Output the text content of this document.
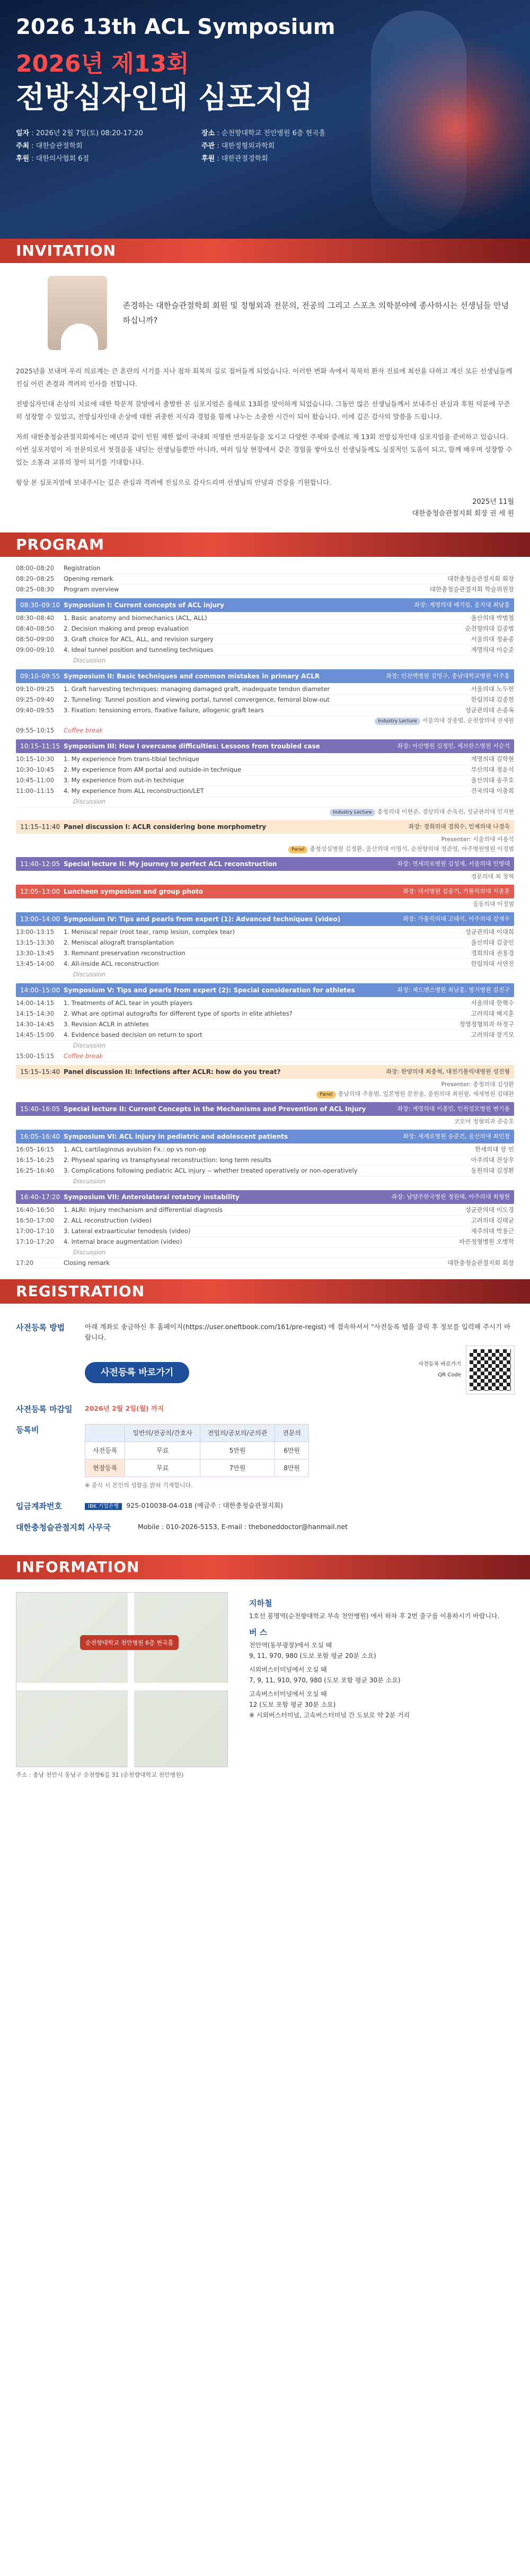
2026 13th ACL Symposium
2026년 제13회
전방십자인대 심포지엄
일자 : 2026년 2월 7일(토) 08:20-17:20	장소 : 순천향대학교 천안병원 6층 현곡홀
주최 : 대한슬관절학회	주관 : 대한정형외과학회
후원 : 대한의사협회 6점	후원 : 대한관절경학회
INVITATION

존경하는 대한슬관절학회 회원 및 정형외과 전문의, 전공의 그리고 스포츠 의학분야에 종사하시는 선생님들 안녕하십니까?

2025년을 보내며 우리 의료계는 큰 혼란의 시기를 지나 점차 회복의 길로 접어들게 되었습니다. 이러한 변화 속에서 묵묵히 환자 진료에 최선을 다하고 계신 모든 선생님들께 진심 어린 존경과 격려의 인사를 전합니다.

전방십자인대 손상의 치료에 대한 학문적 갈망에서 출발한 본 심포지엄은 올해로 13회를 맞이하게 되었습니다. 그동안 많은 선생님들께서 보내주신 관심과 후원 덕분에 꾸준히 성장할 수 있었고, 전방십자인대 손상에 대한 귀중한 지식과 경험을 함께 나누는 소중한 시간이 되어 왔습니다. 이에 깊은 감사의 말씀을 드립니다.

저희 대한충청슬관절지회에서는 예년과 같이 인원 제한 없이 국내외 저명한 연자분들을 모시고 다양한 주제와 증례로 제 13회 전방십자인대 심포지엄을 준비하고 있습니다. 이번 심포지엄이 저 전문의로서 첫걸음을 내딛는 선생님들뿐만 아니라, 여러 임상 현장에서 같은 경험을 쌓아오신 선생님들께도 실질적인 도움이 되고, 함께 배우며 성장할 수 있는 소통과 교류의 장이 되기를 기대합니다.

항상 본 심포지엄에 보내주시는 깊은 관심과 격려에 진심으로 감사드리며 선생님의 안녕과 건강을 기원합니다.

2025년 11월
대한충청슬관절지회 회장 권 세 원
PROGRAM
08:00–08:20	Registration
08:20–08:25	Opening remark	대한충청슬관절지회 회장
08:25–08:30	Program overview	대한충청슬관절지회 학술위원장
08:30–09:10 Symposium I: Current concepts of ACL injury	좌장: 계명의대 배기림, 울지대 최남홍
08:30–08:40	1. Basic anatomy and biomechanics (ACL, ALL)	울산의대 박범철
08:40–08:50	2. Decision making and preop evaluation	순천향의대 김종범
08:50–09:00	3. Graft choice for ACL, ALL, and revision surgery	서울의대 정윤종
09:00–09:10	4. Ideal tunnel position and tunneling techniques	계명의대 이승준
Discussion
09:10–09:55 Symposium II: Basic techniques and common mistakes in primary ACLR	좌장: 인천백병원 김영구, 충남대학교병원 이주홍
09:10–09:25	1. Graft harvesting techniques: managing damaged graft, inadequate tendon diameter	서울의대 노두헌
09:25–09:40	2. Tunneling: Tunnel position and viewing portal, tunnel convergence, femoral blow-out	한림의대 김종헌
09:40–09:55	3. Fixation: tensioning errors, fixative failure, allogenic graft tears	성균관의대 손종옥
Industry Lecture 서울의대 장종범, 순천향의대 권세원
09:55–10:15	Coffee break
10:15–11:15 Symposium III: How I overcame difficulties: Lessons from troubled case	좌장: 아산병원 김정민, 세브란스병원 서승석
10:15–10:30	1. My experience from trans-tibial technique	계명의대 김학현
10:30–10:45	2. My experience from AM portal and outside-in technique	부산의대 정운석
10:45–11:00	3. My experience from out-in technique	울산의대 송주호
11:00–11:15	4. My experience from ALL reconstruction/LET	건국의대 이충희
Discussion
Industry Lecture 충청의대 이현준, 경상의대 손욱진, 성균관의대 인지현
11:15–11:40 Panel discussion I: ACLR considering bone morphometry	좌장: 경희의대 경희수, 인제의대 나경욱
Presenter: 서울의대 이용석
Panel 충청성심병원 김정환, 울산의대 이영석, 순천향의대 정준영, 아주병원병원 이정범
11:40–12:05 Special lecture II: My journey to perfect ACL reconstruction	좌장: 연세의료병원 김성재, 서울의대 인영대
경문의대 최 창혁
12:05–13:00 Luncheon symposium and group photo	좌장: 대서병원 김중기, 가톨릭의대 지종훈
울동의대 이정범
13:00–14:00 Symposium IV: Tips and pearls from expert (1): Advanced techniques (video)	좌장: 가톨릭의대 고태석, 아주의대 강재우
13:00–13:15	1. Meniscal repair (root tear, ramp lesion, complex tear)	성균관의대 이대희
13:15–13:30	2. Meniscal allograft transplantation	울산의대 김중민
13:30–13:45	3. Remnant preservation reconstruction	경희의대 권용경
13:45–14:00	4. All-inside ACL reconstruction	한림의대 서연진
Discussion
14:00–15:00 Symposium V: Tips and pearls from expert (2): Special consideration for athletes	좌장: 제드앤스병원 최남홍, 명지병원 김진구
14:00–14:15	1. Treatments of ACL tear in youth players	서울의대 한혁수
14:15–14:30	2. What are optimal autografts for different type of sports in elite athletes?	고려의대 배지훈
14:30–14:45	3. Revision ACLR in athletes	정영정형외과 하정구
14:45–15:00	4. Evidence based decision on return to sport	고려의대 장기모
Discussion
15:00–15:15	Coffee break
15:15–15:40 Panel discussion II: Infections after ACLR: how do you treat?	좌장: 한양의대 최충혁, 대전기톨릭대병원 성진형
Presenter: 충청의대 김성환
Panel 충남의대 주용범, 일본병원 문찬솔, 울원의대 최원필, 제세병원 김태완
15:40–16:05 Special lecture II: Current Concepts in the Mechanisms and Prevention of ACL Injury	좌장: 계명의대 이종민, 인천성모병원 변기용
코모어 정형외과 준승호
16:05–16:40 Symposium VI: ACL injury in pediatric and adolescent patients	좌장: 세계로병원 송준건, 울산의대 최인철
16:05–16:15	1. ACL cartilaginous avulsion Fx.: op vs non-op	한세의대 장 민
16:15–16:25	2. Physeal sparing vs transphyseal reconstruction: long term results	아주의대 전상우
16:25–16:40	3. Complications following pediatric ACL injury -- whether treated operatively or non-operatively	동원의대 김정환
Discussion
16:40–17:20 Symposium VII: Anterolateral rotatory instability	좌장: 남양주한국병원 정원혜, 아주의대 최형현
16:40–16:50	1. ALRI: Injury mechanism and differential diagnosis	성균관의대 이도경
16:50–17:00	2. ALL reconstruction (video)	고려의대 김태균
17:00–17:10	3. Lateral extraarticular tenodesis (video)	제주의대 박용근
17:10–17:20	4. Internal brace augmentation (video)	바른정형병원 오병학
Discussion
17:20	Closing remark	대한충청슬관절지회 회장
REGISTRATION
사전등록 방법	아래 계좌로 송금하신 후 홈페이지(https://user.oneftbook.com/161/pre-regist) 에 접속하셔서 "사전등록 탭을 클릭 후 정보를 입력해 주시기 바랍니다.
사전등록 바로가기
사전등록 바로가기 QR Code
사전등록 마감일	2026년 2월 2일(월) 까지
등록비
		일반의/전공의/간호사	전임의/공보의/군의관	전문의
사전등록	무료	5만원	6만원
현장등록	무료	7만원	8만원
※ 중식 시 본인의 성함을 밝혀 기재합니다.
입금계좌번호	IBK 기업은행 925-010038-04-018 (예금주 : 대한충청슬관절지회)
대한충청슬관절지회 사무국	Mobile : 010-2026-5153, E-mail : theboneddoctor@hanmail.net
INFORMATION
순천향대학교 천안병원 6층 현곡홀
주소 : 충남 천안시 동남구 순천향6길 31 (순천향대학교 천안병원)
지하철

1호선 봉명역(순천향대학교 부속 천안병원) 에서 하차 후 2번 출구를 이용하시기 바랍니다.

버 스

천안역(동부광장)에서 오실 때
9, 11, 970, 980 (도보 포함 평균 20분 소요)

시외버스터미널에서 오실 때
7, 9, 11, 910, 970, 980 (도보 포함 평균 30분 소요)

고속버스터미널에서 오실 때
12 (도보 포함 평균 30분 소요)
※ 시외버스터미널, 고속버스터미널 간 도보로 약 2분 거리
